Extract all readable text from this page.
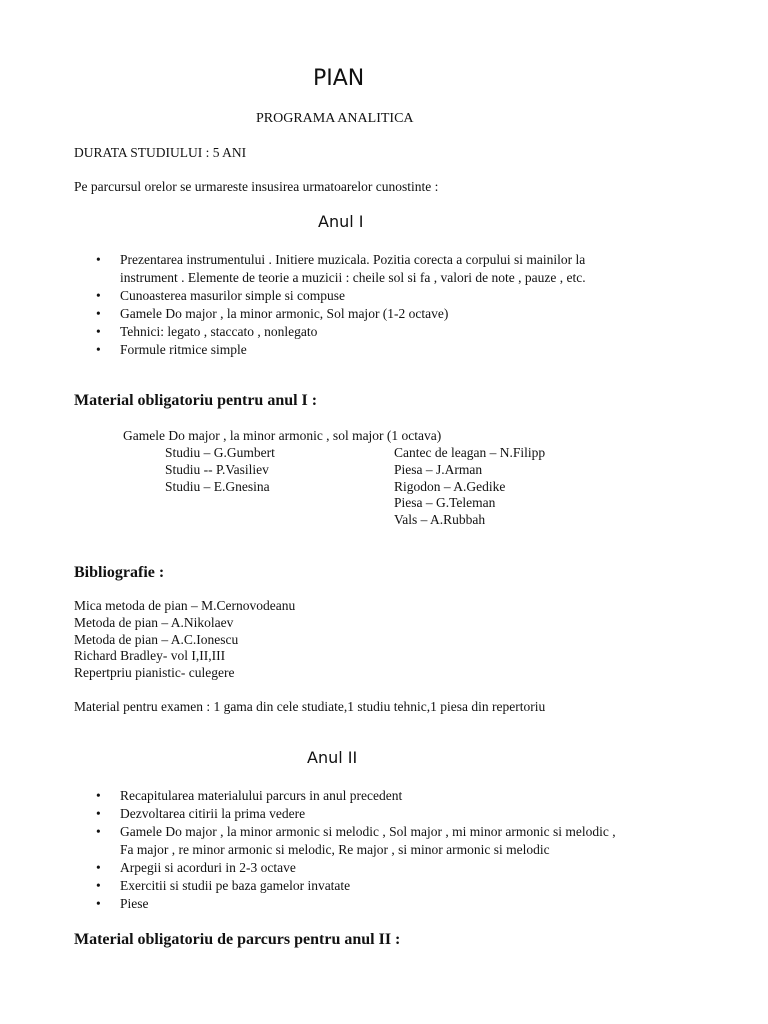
PIAN
PROGRAMA ANALITICA
DURATA STUDIULUI : 5 ANI
Pe parcursul orelor se urmareste insusirea urmatoarelor cunostinte :
Anul I
• Prezentarea instrumentului . Initiere muzicala. Pozitia corecta a corpului si mainilor la
instrument . Elemente de teorie a muzicii : cheile sol si fa , valori de note , pauze , etc.
• Cunoasterea masurilor simple si compuse
• Gamele Do major , la minor armonic, Sol major (1-2 octave)
• Tehnici: legato , staccato , nonlegato
• Formule ritmice simple
Material obligatoriu pentru anul I :
Gamele Do major , la minor armonic , sol major (1 octava)
Studiu – G.Gumbert
Studiu -- P.Vasiliev
Studiu – E.Gnesina
Cantec de leagan – N.Filipp
Piesa – J.Arman
Rigodon – A.Gedike
Piesa – G.Teleman
Vals – A.Rubbah
Bibliografie :
Mica metoda de pian – M.Cernovodeanu
Metoda de pian – A.Nikolaev
Metoda de pian – A.C.Ionescu
Richard Bradley- vol I,II,III
Repertpriu pianistic- culegere
Material pentru examen : 1 gama din cele studiate,1 studiu tehnic,1 piesa din repertoriu
Anul II
• Recapitularea materialului parcurs in anul precedent
• Dezvoltarea citirii la prima vedere
• Gamele Do major , la minor armonic si melodic , Sol major , mi minor armonic si melodic ,
Fa major , re minor armonic si melodic, Re major , si minor armonic si melodic
• Arpegii si acorduri in 2-3 octave
• Exercitii si studii pe baza gamelor invatate
• Piese
Material obligatoriu de parcurs pentru anul II :
